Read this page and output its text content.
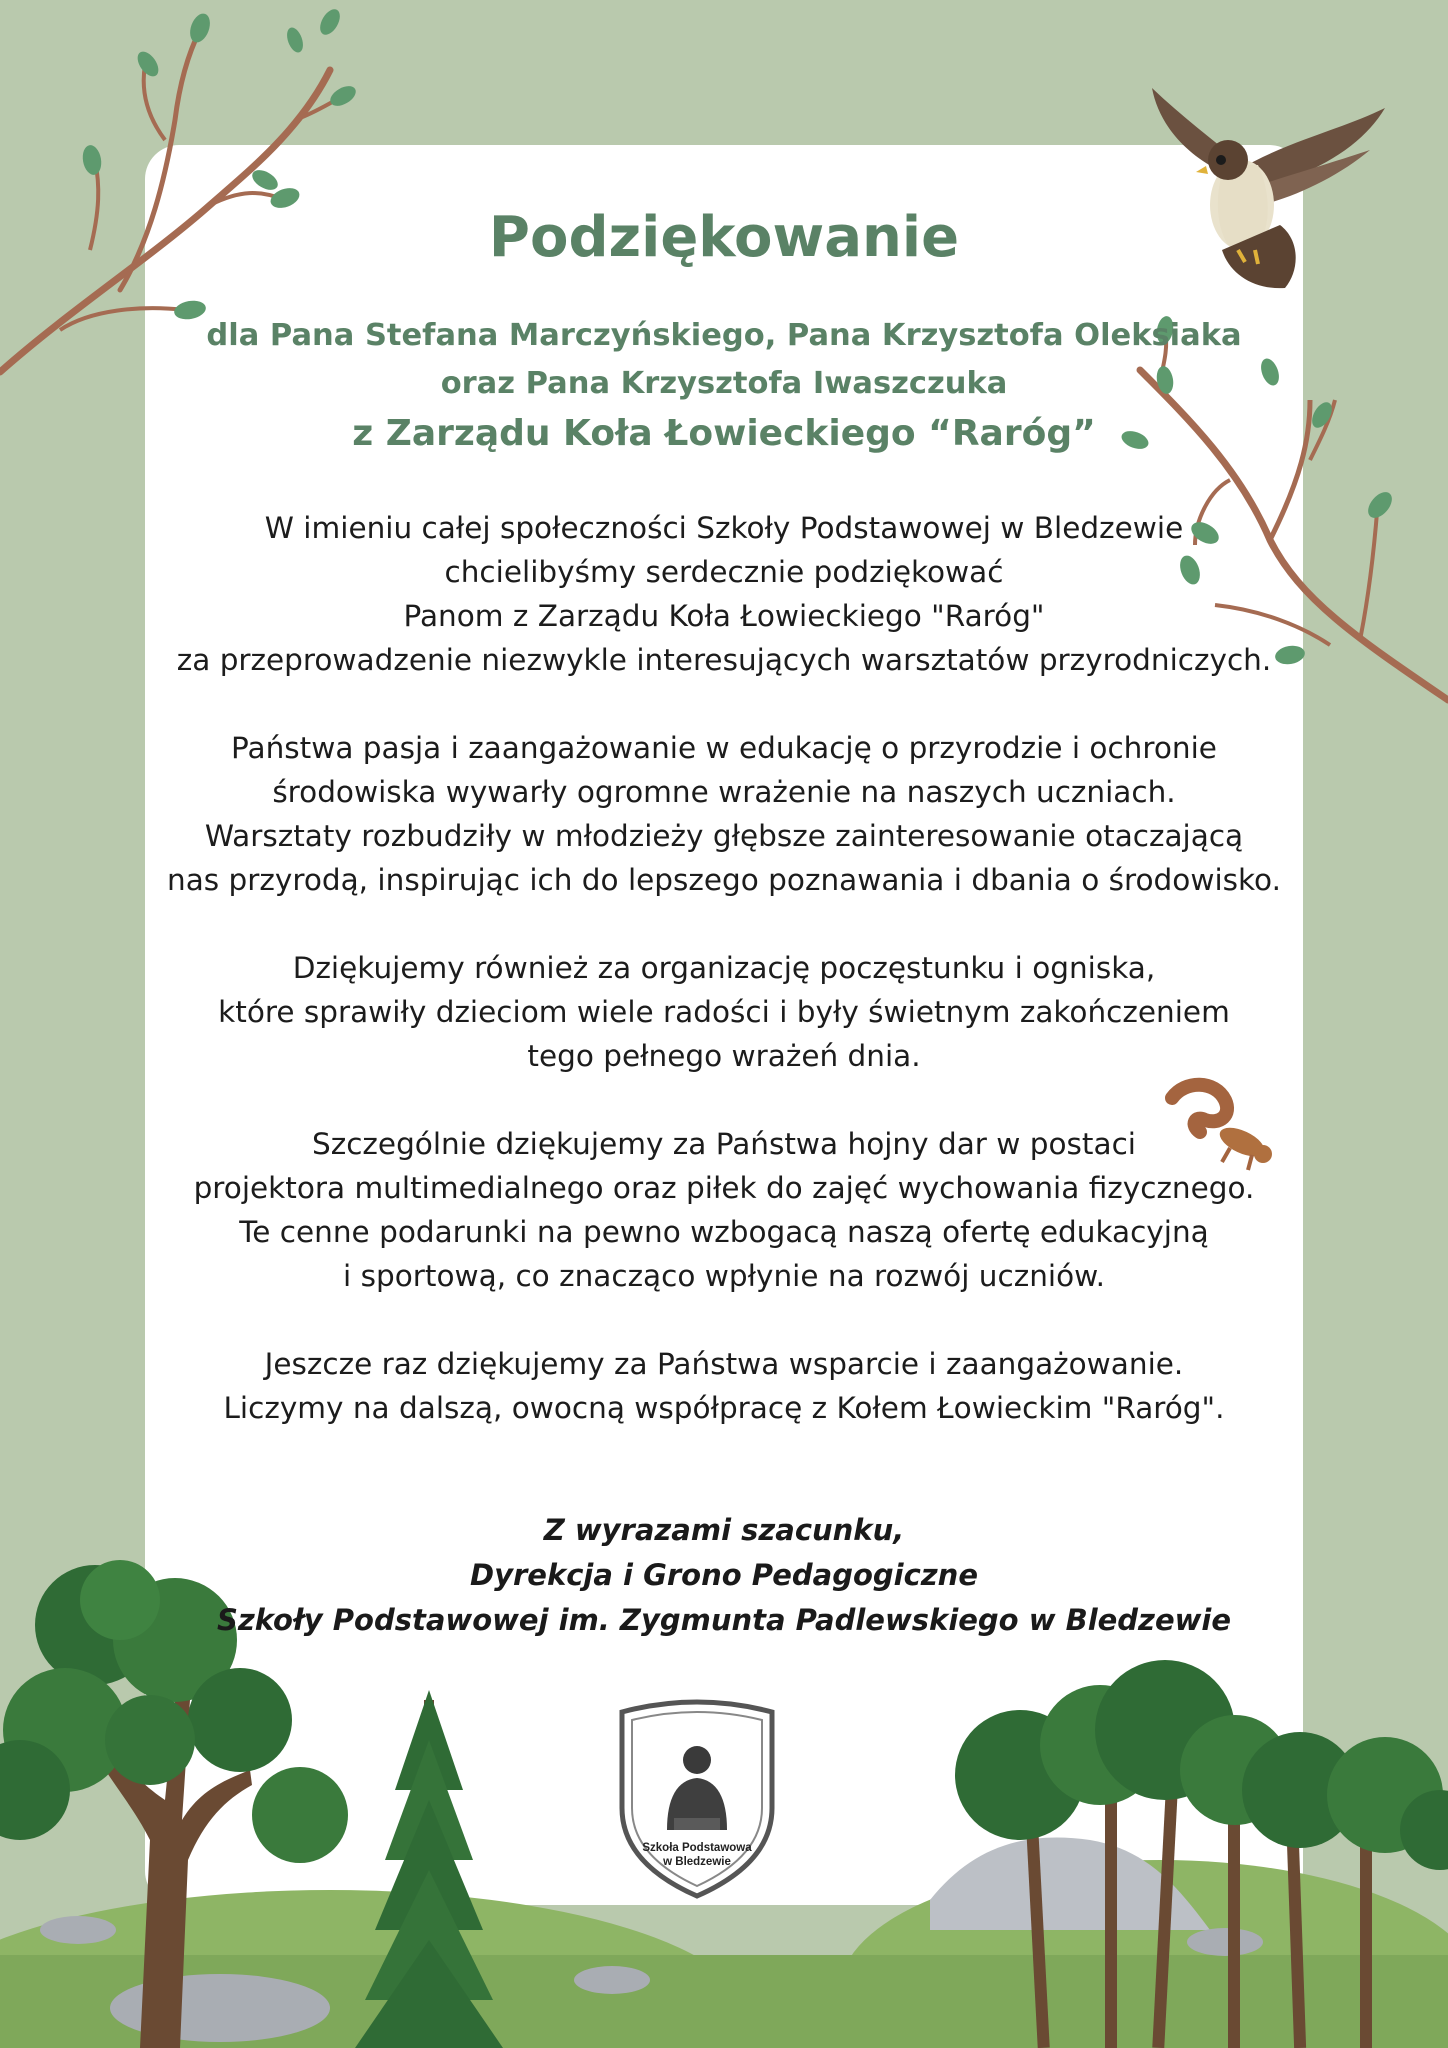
Podziękowanie

dla Pana Stefana Marczyńskiego, Pana Krzysztofa Oleksiaka

oraz Pana Krzysztofa Iwaszczuka

z Zarządu Koła Łowieckiego “Raróg”

W imieniu całej społeczności Szkoły Podstawowej w Bledzewie
chcielibyśmy serdecznie podziękować
Panom z Zarządu Koła Łowieckiego "Raróg"
za przeprowadzenie niezwykle interesujących warsztatów przyrodniczych.

Państwa pasja i zaangażowanie w edukację o przyrodzie i ochronie
środowiska wywarły ogromne wrażenie na naszych uczniach.
Warsztaty rozbudziły w młodzieży głębsze zainteresowanie otaczającą
nas przyrodą, inspirując ich do lepszego poznawania i dbania o środowisko.

Dziękujemy również za organizację poczęstunku i ogniska,
które sprawiły dzieciom wiele radości i były świetnym zakończeniem
tego pełnego wrażeń dnia.

Szczególnie dziękujemy za Państwa hojny dar w postaci
projektora multimedialnego oraz piłek do zajęć wychowania fizycznego.
Te cenne podarunki na pewno wzbogacą naszą ofertę edukacyjną
i sportową, co znacząco wpłynie na rozwój uczniów.

Jeszcze raz dziękujemy za Państwa wsparcie i zaangażowanie.
Liczymy na dalszą, owocną współpracę z Kołem Łowieckim "Raróg".

Z wyrazami szacunku,
Dyrekcja i Grono Pedagogiczne
Szkoły Podstawowej im. Zygmunta Padlewskiego w Bledzewie
Szkoła Podstawowa
w Bledzewie
